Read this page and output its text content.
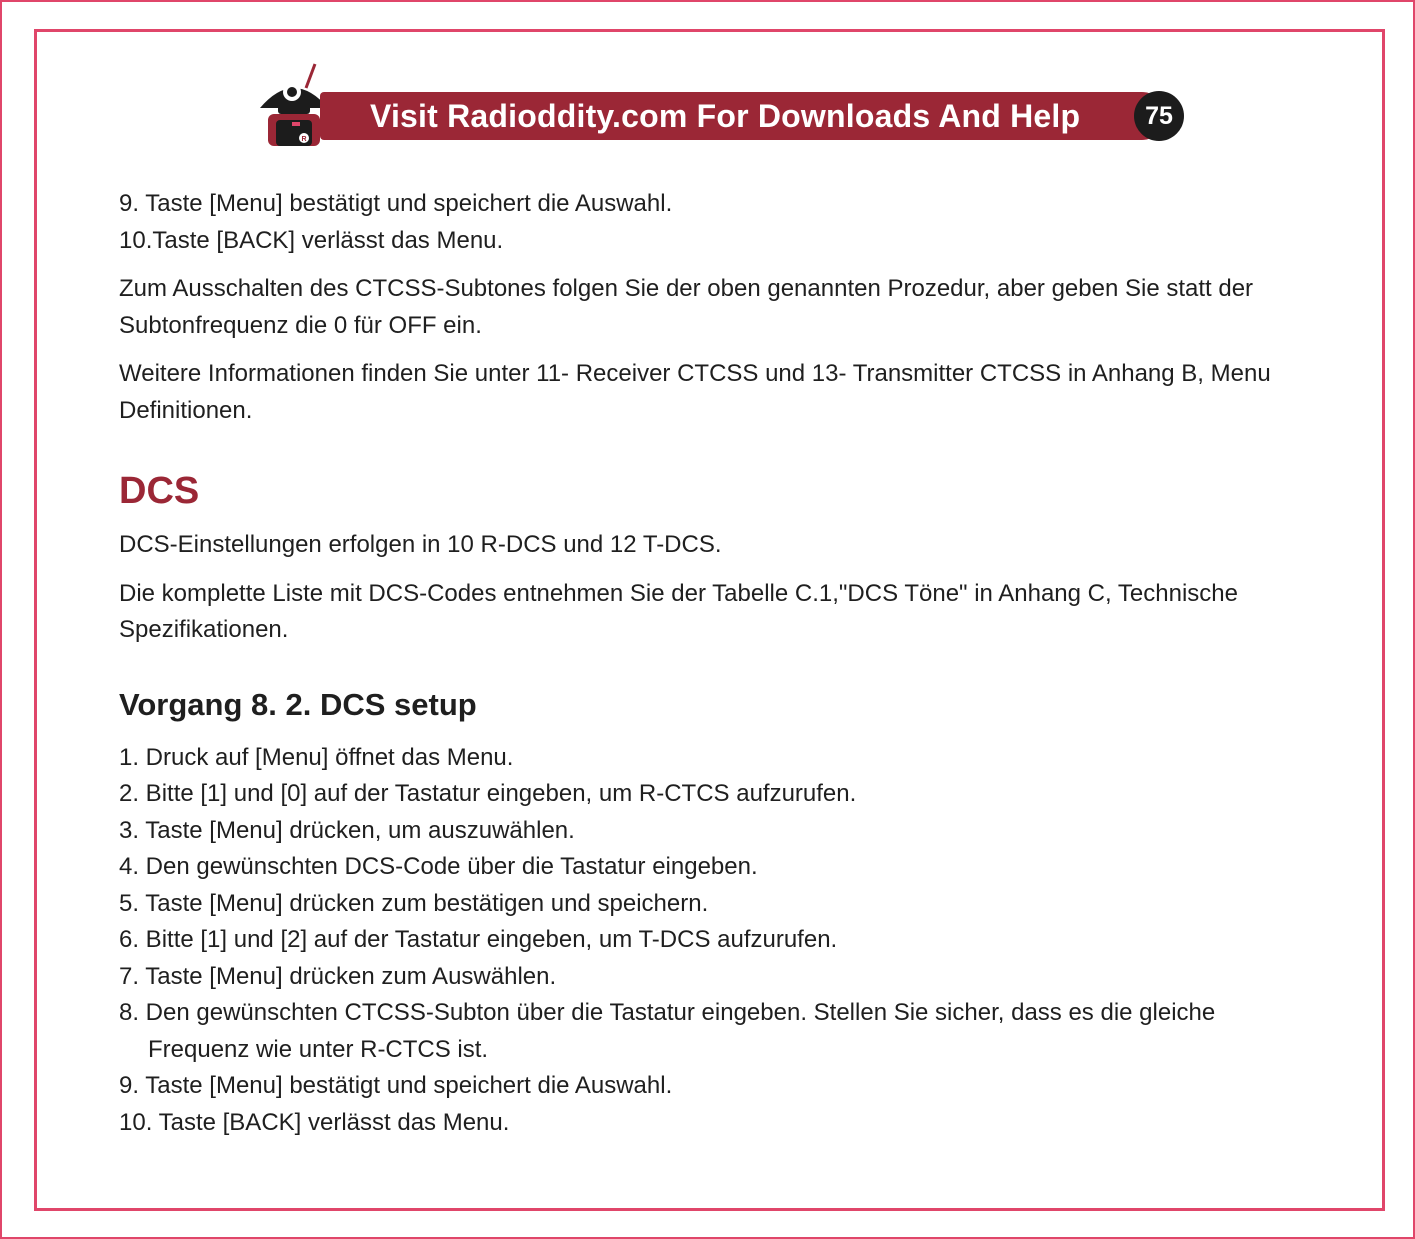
R
Visit Radioddity.com For Downloads And Help	75
9. Taste [Menu] bestätigt und speichert die Auswahl.
10.Taste [BACK] verlässt das Menu.

Zum Ausschalten des CTCSS-Subtones folgen Sie der oben genannten Prozedur, aber geben Sie statt der Subtonfrequenz die 0 für OFF ein.

Weitere Informationen finden Sie unter 11- Receiver CTCSS und 13- Transmitter CTCSS in Anhang B, Menu Definitionen.

DCS

DCS-Einstellungen erfolgen in 10 R-DCS und 12 T-DCS.

Die komplette Liste mit DCS-Codes entnehmen Sie der Tabelle C.1,"DCS Töne" in Anhang C, Technische Spezifikationen.

Vorgang 8. 2. DCS setup
1. Druck auf [Menu] öffnet das Menu.
2. Bitte [1] und [0] auf der Tastatur eingeben, um R-CTCS aufzurufen.
3. Taste [Menu] drücken, um auszuwählen.
4. Den gewünschten DCS-Code über die Tastatur eingeben.
5. Taste [Menu] drücken zum bestätigen und speichern.
6. Bitte [1] und [2] auf der Tastatur eingeben, um T-DCS aufzurufen.
7. Taste [Menu] drücken zum Auswählen.
8. Den gewünschten CTCSS-Subton über die Tastatur eingeben. Stellen Sie sicher, dass es die gleiche Frequenz wie unter R-CTCS ist.
9. Taste [Menu] bestätigt und speichert die Auswahl.
10. Taste [BACK] verlässt das Menu.
